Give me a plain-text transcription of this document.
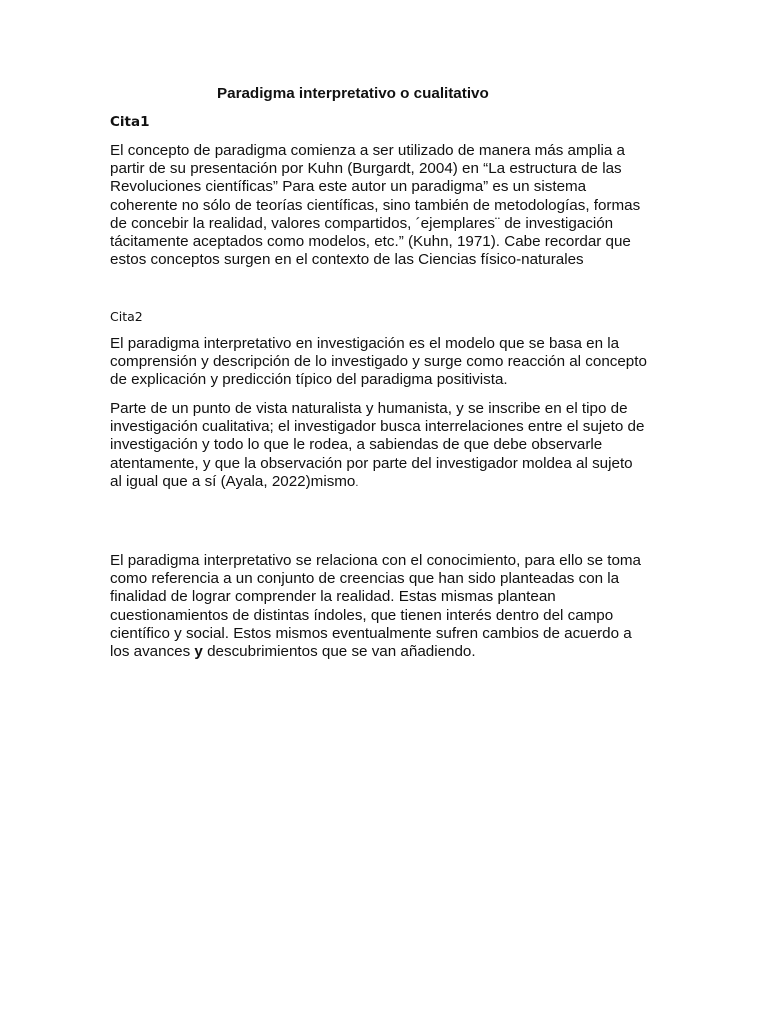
Paradigma interpretativo o cualitativo
Cita1

El concepto de paradigma comienza a ser utilizado de manera más amplia a
partir de su presentación por Kuhn (Burgardt, 2004) en “La estructura de las
Revoluciones científicas” Para este autor un paradigma” es un sistema
coherente no sólo de teorías científicas, sino también de metodologías, formas
de concebir la realidad, valores compartidos, ´ejemplares¨ de investigación
tácitamente aceptados como modelos, etc.” (Kuhn, 1971). Cabe recordar que
estos conceptos surgen en el contexto de las Ciencias físico-naturales

Cita2

El paradigma interpretativo en investigación es el modelo que se basa en la
comprensión y descripción de lo investigado y surge como reacción al concepto
de explicación y predicción típico del paradigma positivista.

Parte de un punto de vista naturalista y humanista, y se inscribe en el tipo de
investigación cualitativa; el investigador busca interrelaciones entre el sujeto de
investigación y todo lo que le rodea, a sabiendas de que debe observarle
atentamente, y que la observación por parte del investigador moldea al sujeto
al igual que a sí (Ayala, 2022)mismo.

El paradigma interpretativo se relaciona con el conocimiento, para ello se toma
como referencia a un conjunto de creencias que han sido planteadas con la
finalidad de lograr comprender la realidad. Estas mismas plantean
cuestionamientos de distintas índoles, que tienen interés dentro del campo
científico y social. Estos mismos eventualmente sufren cambios de acuerdo a
los avances y descubrimientos que se van añadiendo.
